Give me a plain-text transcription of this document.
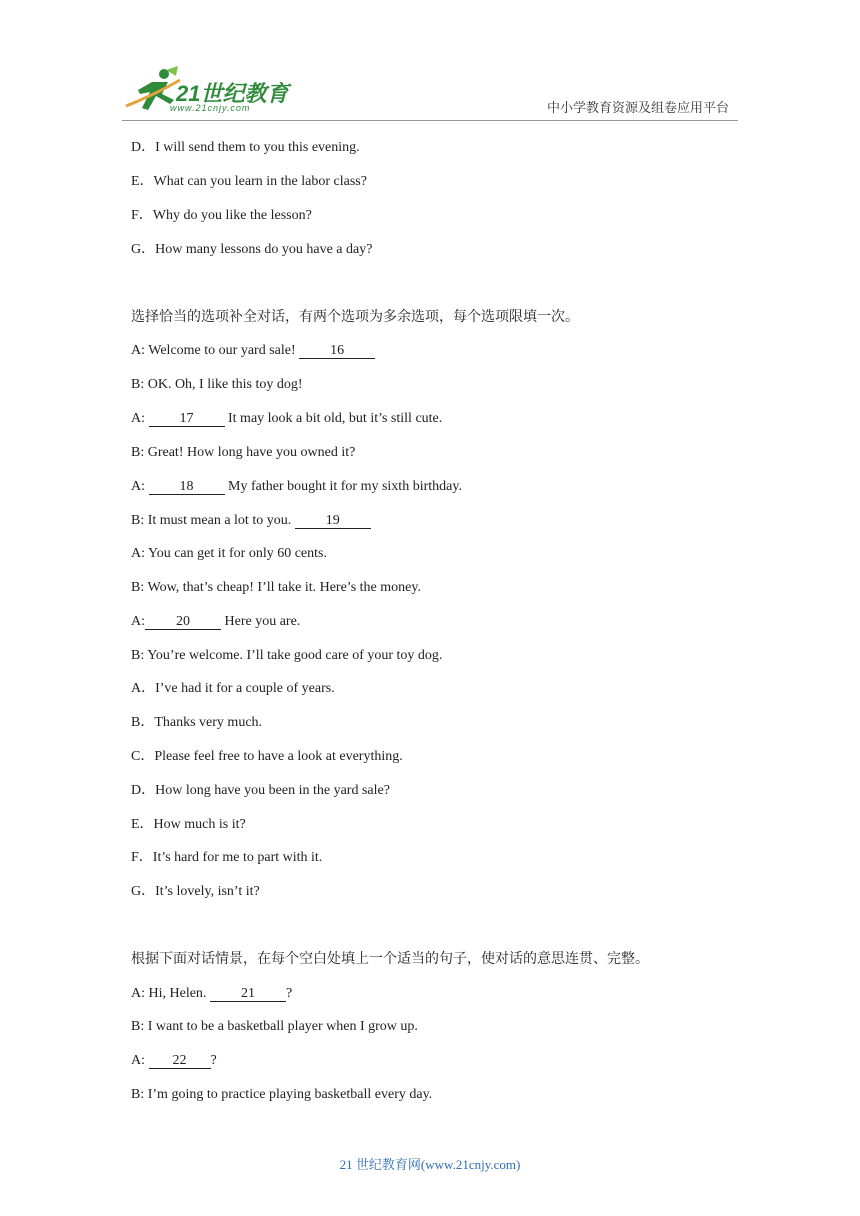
21世纪教育
www.21cnjy.com	中小学教育资源及组卷应用平台
D．I will send them to you this evening.
E．What can you learn in the labor class?
F．Why do you like the lesson?
G．How many lessons do you have a day?
选择恰当的选项补全对话，有两个选项为多余选项，每个选项限填一次。
A: Welcome to our yard sale! 16
B: OK. Oh, I like this toy dog!
A: 17 It may look a bit old, but it’s still cute.
B: Great! How long have you owned it?
A: 18 My father bought it for my sixth birthday.
B: It must mean a lot to you. 19
A: You can get it for only 60 cents.
B: Wow, that’s cheap! I’ll take it. Here’s the money.
A: 20 Here you are.
B: You’re welcome. I’ll take good care of your toy dog.
A．I’ve had it for a couple of years.
B．Thanks very much.
C．Please feel free to have a look at everything.
D．How long have you been in the yard sale?
E．How much is it?
F．It’s hard for me to part with it.
G．It’s lovely, isn’t it?
根据下面对话情景，在每个空白处填上一个适当的句子，使对话的意思连贯、完整。
A: Hi, Helen. 21 ?
B: I want to be a basketball player when I grow up.
A: 22 ?
B: I’m going to practice playing basketball every day.
21 世纪教育网(www.21cnjy.com)
